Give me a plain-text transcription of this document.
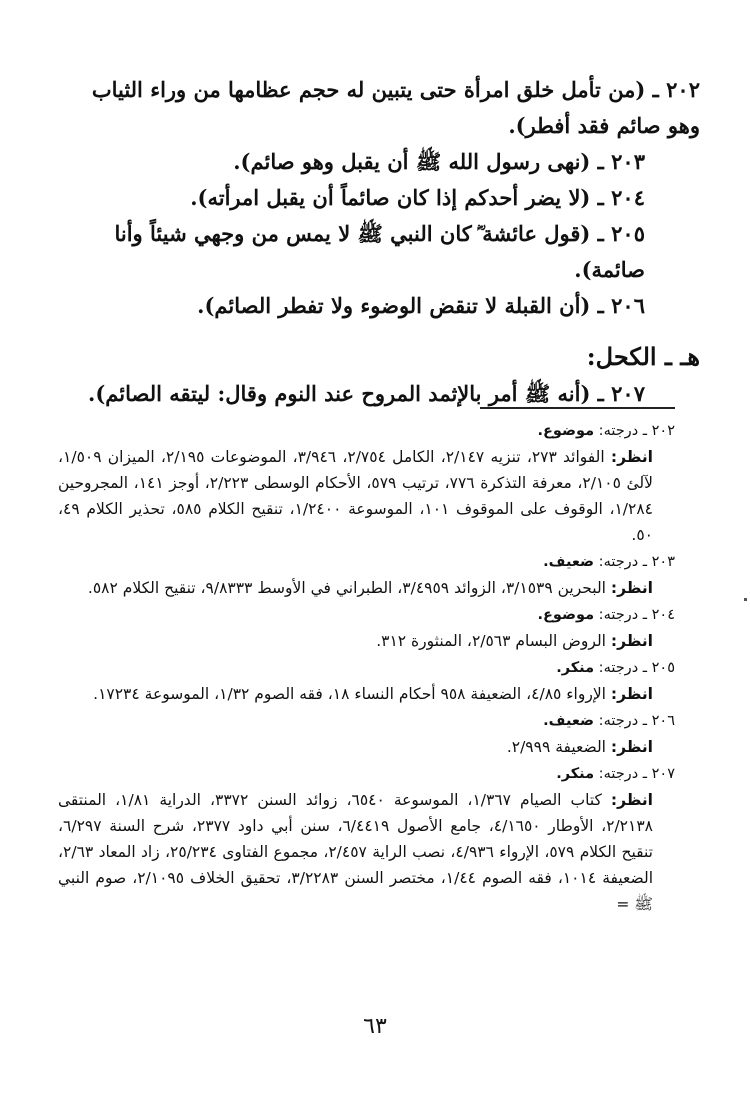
٢٠٢ ـ (من تأمل خلق امرأة حتى يتبين له حجم عظامها من وراء الثياب وهو صائم فقد أفطر).

٢٠٣ ـ (نهى رسول الله ﷺ أن يقبل وهو صائم).

٢٠٤ ـ (لا يضر أحدكم إذا كان صائماً أن يقبل امرأته).

٢٠٥ ـ (قول عائشة ؓ كان النبي ﷺ لا يمس من وجهي شيئاً وأنا صائمة).

٢٠٦ ـ (أن القبلة لا تنقض الوضوء ولا تفطر الصائم).

هـ ـ الكحل:

٢٠٧ ـ (أنه ﷺ أمر بالإثمد المروح عند النوم وقال: ليتقه الصائم).

٢٠٢ ـ درجته: موضوع.
انظر: الفوائد ٢٧٣، تنزيه ٢/١٤٧، الكامل ٢/٧٥٤، ٣/٩٤٦، الموضوعات ٢/١٩٥، الميزان ١/٥٠٩، لآلئ ٢/١٠٥، معرفة التذكرة ٧٧٦، ترتيب ٥٧٩، الأحكام الوسطى ٢/٢٢٣، أوجز ١٤١، المجروحين ١/٢٨٤، الوقوف على الموقوف ١٠١، الموسوعة ١/٢٤٠٠، تنقيح الكلام ٥٨٥، تحذير الكلام ٤٩، ٥٠.
٢٠٣ ـ درجته: ضعيف.
انظر: البحرين ٣/١٥٣٩، الزوائد ٣/٤٩٥٩، الطبراني في الأوسط ٩/٨٣٣٣، تنقيح الكلام ٥٨٢.
٢٠٤ ـ درجته: موضوع.
انظر: الروض البسام ٢/٥٦٣، المنثورة ٣١٢.
٢٠٥ ـ درجته: منكر.
انظر: الإرواء ٤/٨٥، الضعيفة ٩٥٨ أحكام النساء ١٨، فقه الصوم ١/٣٢، الموسوعة ١٧٢٣٤.
٢٠٦ ـ درجته: ضعيف.
انظر: الضعيفة ٢/٩٩٩.
٢٠٧ ـ درجته: منكر.
انظر: كتاب الصيام ١/٣٦٧، الموسوعة ٦٥٤٠، زوائد السنن ٣٣٧٢، الدراية ١/٨١، المنتقى ٢/٢١٣٨، الأوطار ٤/١٦٥٠، جامع الأصول ٦/٤٤١٩، سنن أبي داود ٢٣٧٧، شرح السنة ٦/٢٩٧، تنقيح الكلام ٥٧٩، الإرواء ٤/٩٣٦، نصب الراية ٢/٤٥٧، مجموع الفتاوى ٢٥/٢٣٤، زاد المعاد ٢/٦٣، الضعيفة ١٠١٤، فقه الصوم ١/٤٤، مختصر السنن ٣/٢٢٨٣، تحقيق الخلاف ٢/١٠٩٥، صوم النبي ﷺ =
٦٣
